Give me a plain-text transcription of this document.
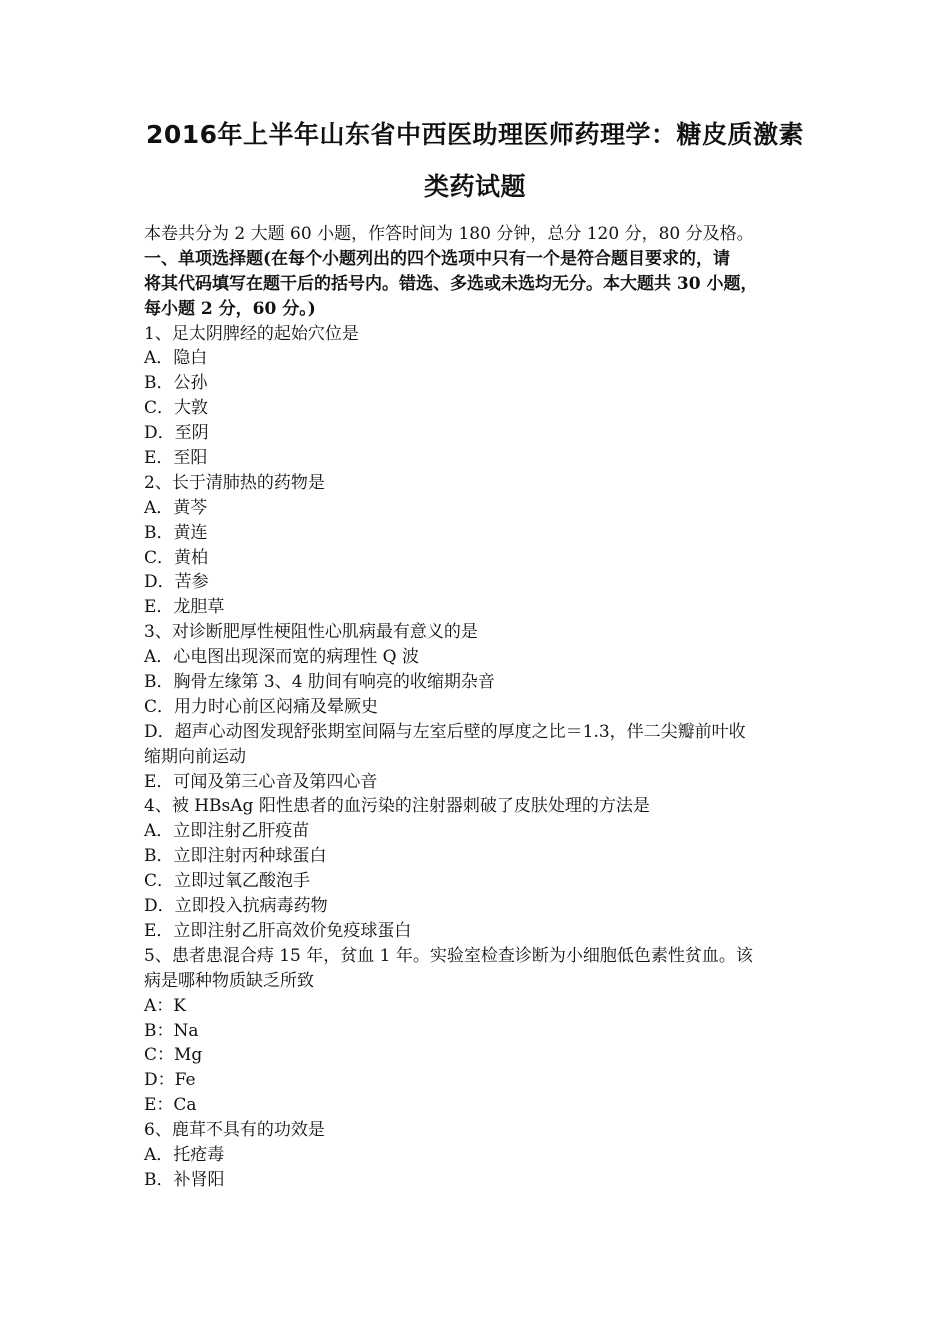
2016年上半年山东省中西医助理医师药理学：糖皮质激素
类药试题
本卷共分为 2 大题 60 小题，作答时间为 180 分钟，总分 120 分，80 分及格。
一、单项选择题(在每个小题列出的四个选项中只有一个是符合题目要求的，请
将其代码填写在题干后的括号内。错选、多选或未选均无分。本大题共 30 小题，
每小题 2 分，60 分。)
1、足太阴脾经的起始穴位是
A．隐白
B．公孙
C．大敦
D．至阴
E．至阳
2、长于清肺热的药物是
A．黄芩
B．黄连
C．黄柏
D．苦参
E．龙胆草
3、对诊断肥厚性梗阻性心肌病最有意义的是
A．心电图出现深而宽的病理性 Q 波
B．胸骨左缘第 3、4 肋间有响亮的收缩期杂音
C．用力时心前区闷痛及晕厥史
D．超声心动图发现舒张期室间隔与左室后壁的厚度之比＝1.3，伴二尖瓣前叶收
缩期向前运动
E．可闻及第三心音及第四心音
4、被 HBsAg 阳性患者的血污染的注射器刺破了皮肤处理的方法是
A．立即注射乙肝疫苗
B．立即注射丙种球蛋白
C．立即过氧乙酸泡手
D．立即投入抗病毒药物
E．立即注射乙肝高效价免疫球蛋白
5、患者患混合痔 15 年，贫血 1 年。实验室检查诊断为小细胞低色素性贫血。该
病是哪种物质缺乏所致
A：K
B：Na
C：Mg
D：Fe
E：Ca
6、鹿茸不具有的功效是
A．托疮毒
B．补肾阳
